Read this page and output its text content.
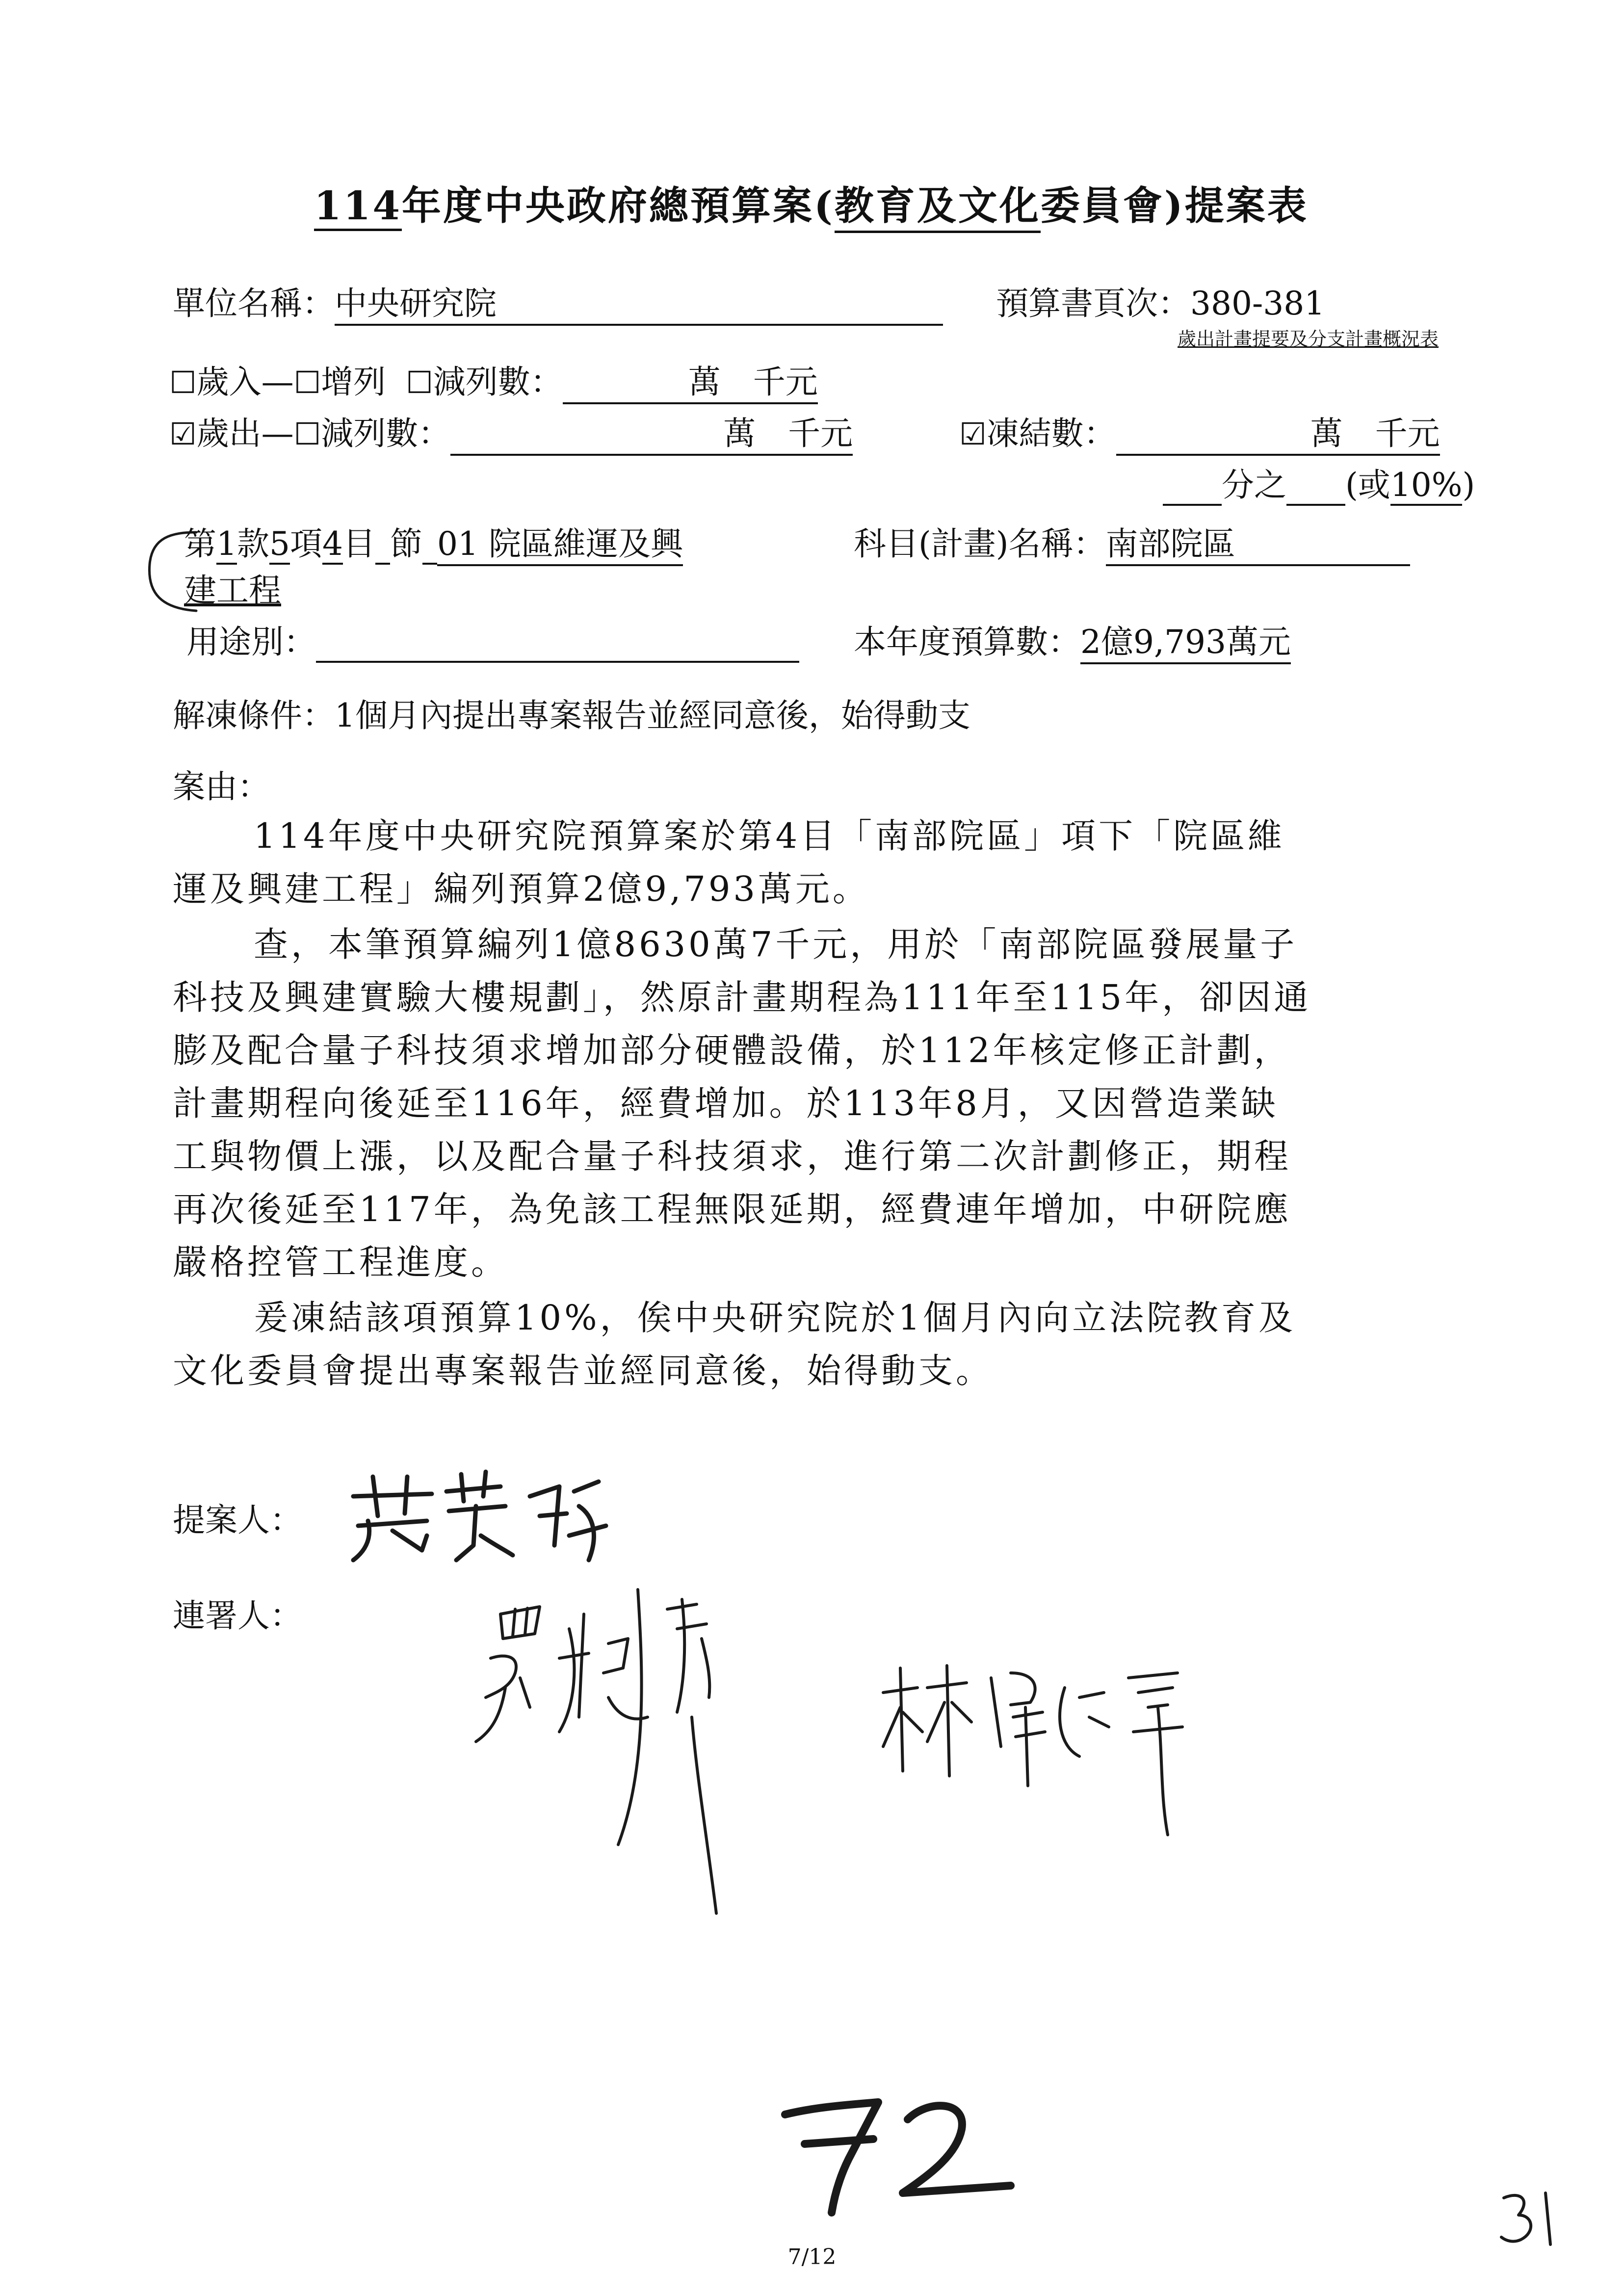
114年度中央政府總預算案(教育及文化委員會)提案表
單位名稱：中央研究院	預算書頁次：380-381
歲出計畫提要及分支計畫概況表
☐歲入—☐增列 ☐減列數：	萬　千元
☑歲出—☐減列數：	萬　千元	☑凍結數：	萬　千元
分之 (或10%)
第1款5項4目 節 01 院區維運及興
建工程
科目(計畫)名稱：南部院區
用途別：	本年度預算數：2億9,793萬元
解凍條件：1個月內提出專案報告並經同意後，始得動支
案由：
114年度中央研究院預算案於第4目「南部院區」項下「院區維
運及興建工程」編列預算2億9,793萬元。
查，本筆預算編列1億8630萬7千元，用於「南部院區發展量子
科技及興建實驗大樓規劃」，然原計畫期程為111年至115年，卻因通
膨及配合量子科技須求增加部分硬體設備，於112年核定修正計劃，
計畫期程向後延至116年，經費增加。於113年8月，又因營造業缺
工與物價上漲，以及配合量子科技須求，進行第二次計劃修正，期程
再次後延至117年，為免該工程無限延期，經費連年增加，中研院應
嚴格控管工程進度。
爰凍結該項預算10%，俟中央研究院於1個月內向立法院教育及
文化委員會提出專案報告並經同意後，始得動支。
提案人：
連署人：
7/12
